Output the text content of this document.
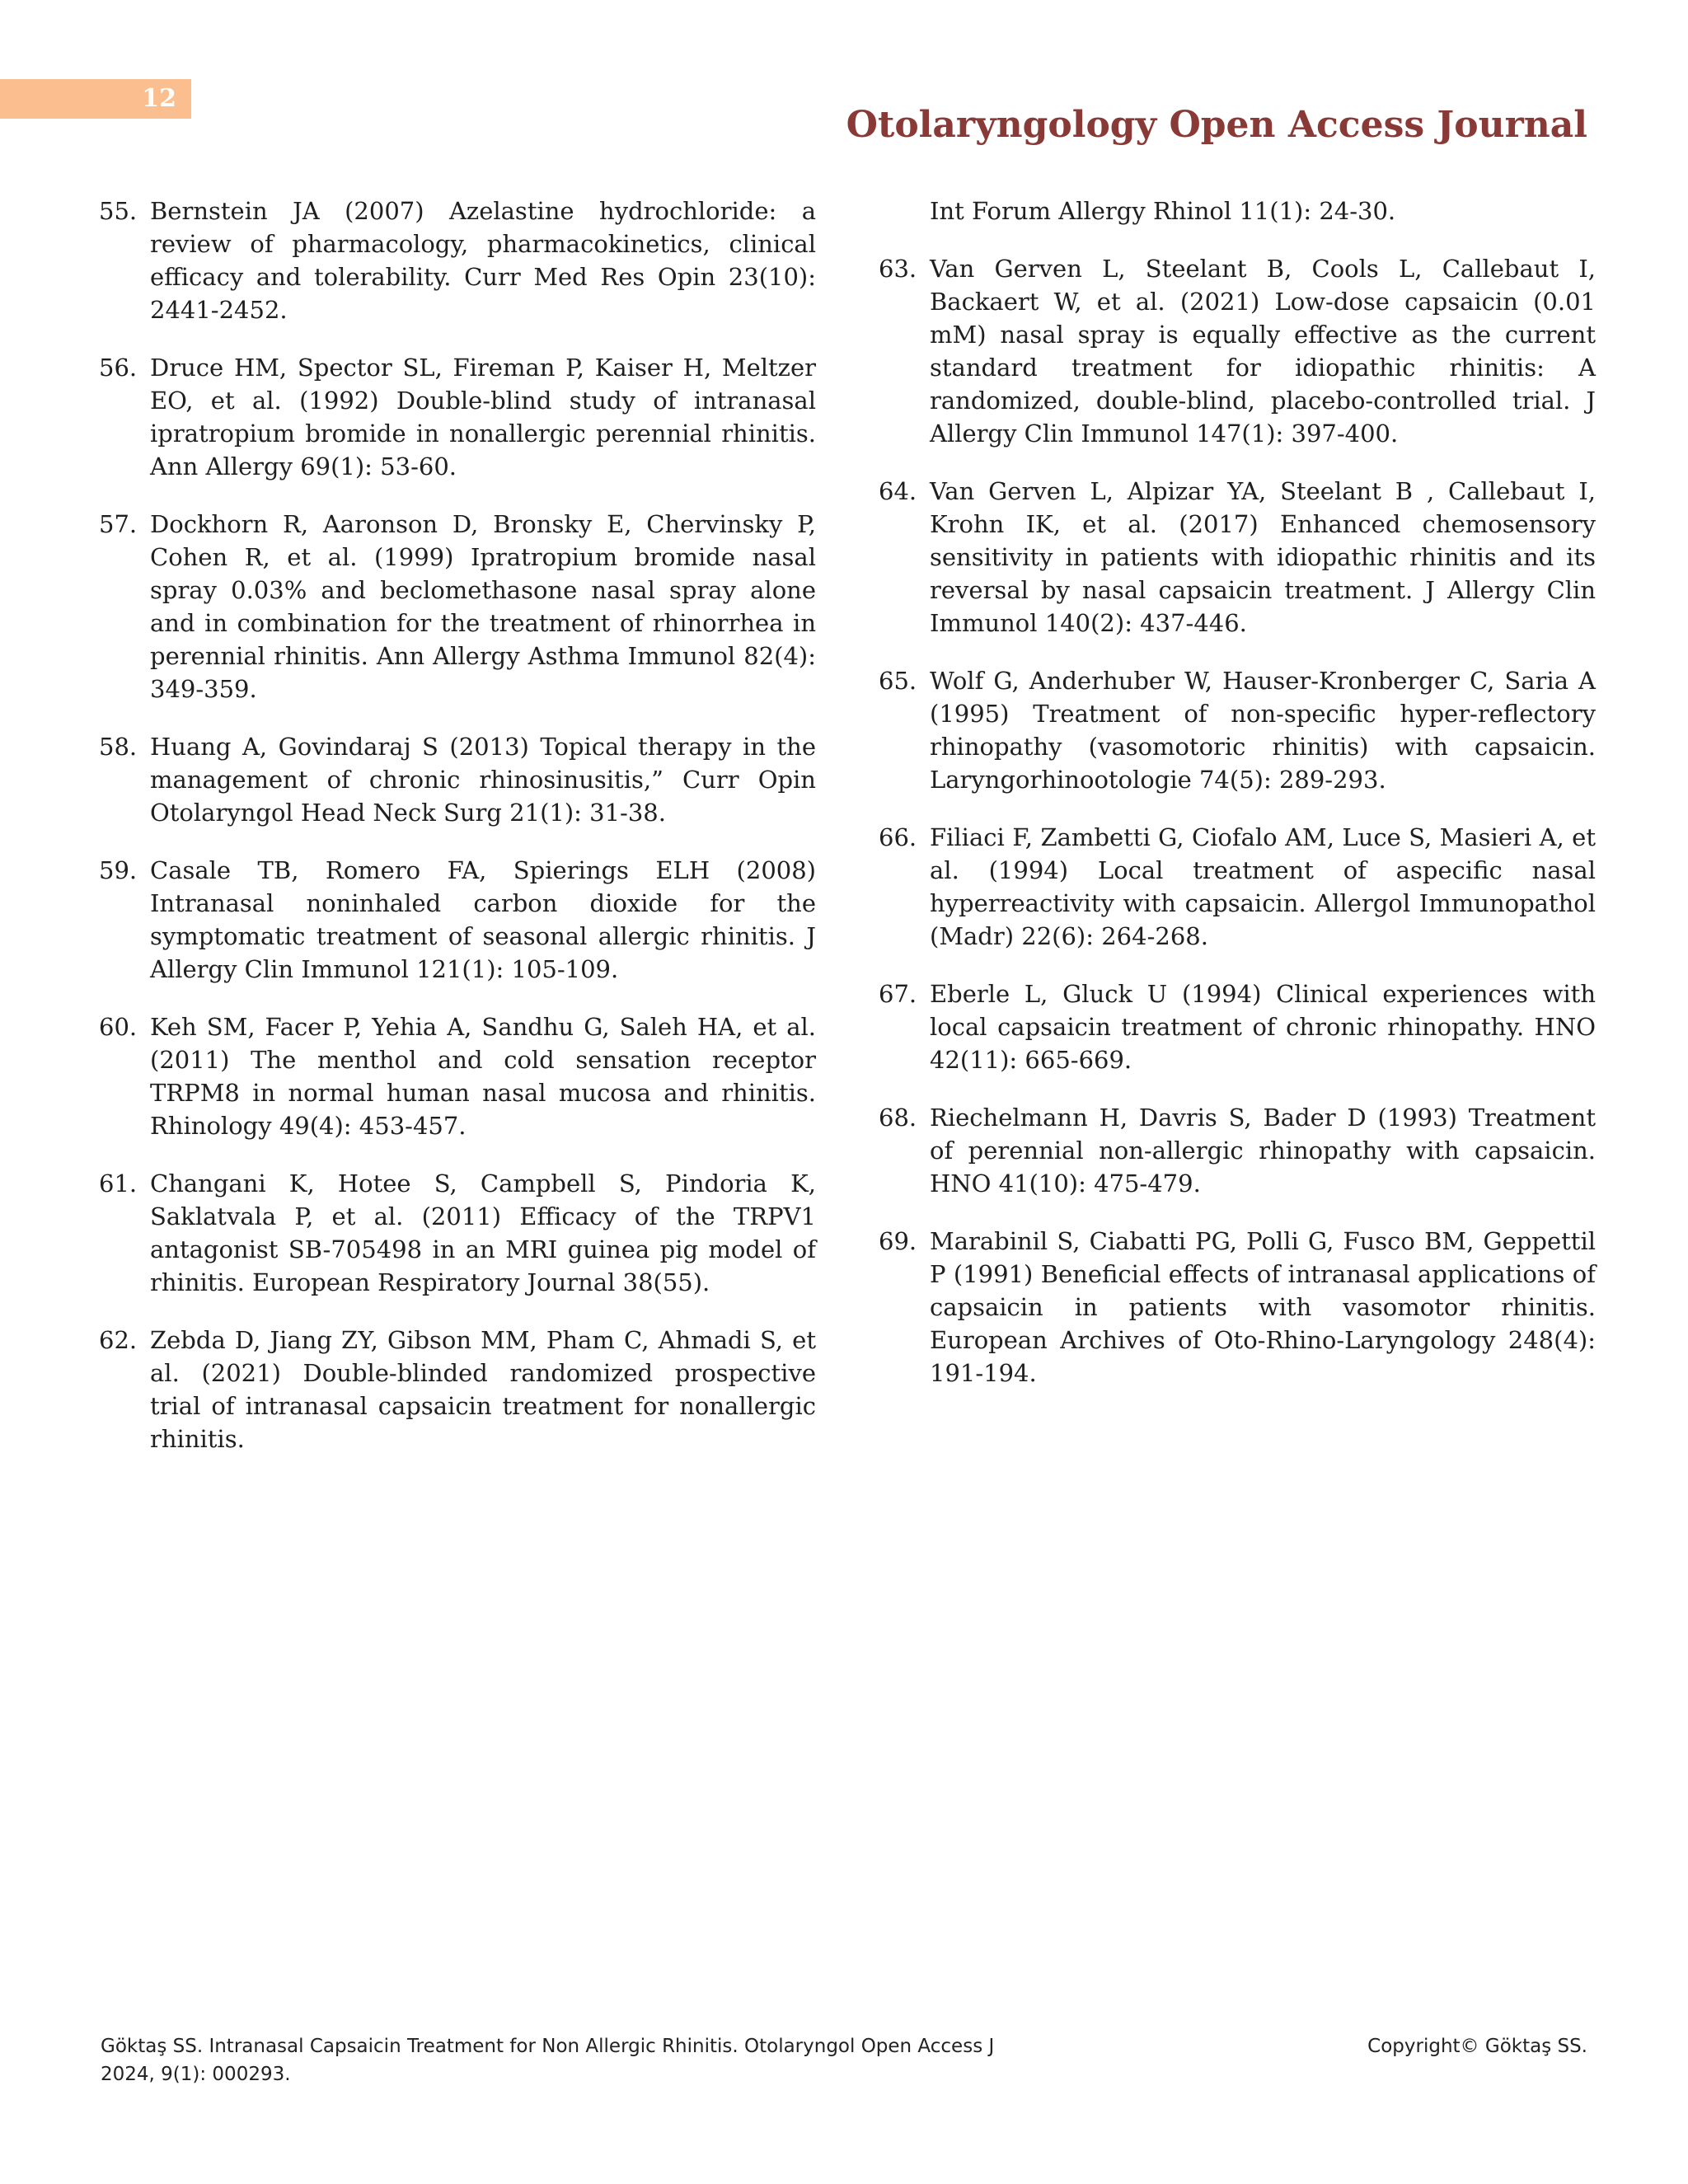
12
Otolaryngology Open Access Journal
55. Bernstein JA (2007) Azelastine hydrochloride: a review of pharmacology, pharmacokinetics, clinical efficacy and tolerability. Curr Med Res Opin 23(10): 2441-2452.
56. Druce HM, Spector SL, Fireman P, Kaiser H, Meltzer EO, et al. (1992) Double-blind study of intranasal ipratropium bromide in nonallergic perennial rhinitis. Ann Allergy 69(1): 53-60.
57. Dockhorn R, Aaronson D, Bronsky E, Chervinsky P, Cohen R, et al. (1999) Ipratropium bromide nasal spray 0.03% and beclomethasone nasal spray alone and in combination for the treatment of rhinorrhea in perennial rhinitis. Ann Allergy Asthma Immunol 82(4): 349-359.
58. Huang A, Govindaraj S (2013) Topical therapy in the management of chronic rhinosinusitis,” Curr Opin Otolaryngol Head Neck Surg 21(1): 31-38.
59. Casale TB, Romero FA, Spierings ELH (2008) Intranasal noninhaled carbon dioxide for the symptomatic treatment of seasonal allergic rhinitis. J Allergy Clin Immunol 121(1): 105-109.
60. Keh SM, Facer P, Yehia A, Sandhu G, Saleh HA, et al. (2011) The menthol and cold sensation receptor TRPM8 in normal human nasal mucosa and rhinitis. Rhinology 49(4): 453-457.
61. Changani K, Hotee S, Campbell S, Pindoria K, Saklatvala P, et al. (2011) Efficacy of the TRPV1 antagonist SB-705498 in an MRI guinea pig model of rhinitis. European Respiratory Journal 38(55).
62. Zebda D, Jiang ZY, Gibson MM, Pham C, Ahmadi S, et al. (2021) Double-blinded randomized prospective trial of intranasal capsaicin treatment for nonallergic rhinitis.

Int Forum Allergy Rhinol 11(1): 24-30.

63. Van Gerven L, Steelant B, Cools L, Callebaut I, Backaert W, et al. (2021) Low-dose capsaicin (0.01 mM) nasal spray is equally effective as the current standard treatment for idiopathic rhinitis: A randomized, double-blind, placebo-controlled trial. J Allergy Clin Immunol 147(1): 397-400.
64. Van Gerven L, Alpizar YA, Steelant B , Callebaut I, Krohn IK, et al. (2017) Enhanced chemosensory sensitivity in patients with idiopathic rhinitis and its reversal by nasal capsaicin treatment. J Allergy Clin Immunol 140(2): 437-446.
65. Wolf G, Anderhuber W, Hauser-Kronberger C, Saria A (1995) Treatment of non-specific hyper-reflectory rhinopathy (vasomotoric rhinitis) with capsaicin. Laryngorhinootologie 74(5): 289-293.
66. Filiaci F, Zambetti G, Ciofalo AM, Luce S, Masieri A, et al. (1994) Local treatment of aspecific nasal hyperreactivity with capsaicin. Allergol Immunopathol (Madr) 22(6): 264-268.
67. Eberle L, Gluck U (1994) Clinical experiences with local capsaicin treatment of chronic rhinopathy. HNO 42(11): 665-669.
68. Riechelmann H, Davris S, Bader D (1993) Treatment of perennial non-allergic rhinopathy with capsaicin. HNO 41(10): 475-479.
69. Marabinil S, Ciabatti PG, Polli G, Fusco BM, Geppettil P (1991) Beneficial effects of intranasal applications of capsaicin in patients with vasomotor rhinitis. European Archives of Oto-Rhino-Laryngology 248(4): 191-194.
Göktaş SS. Intranasal Capsaicin Treatment for Non Allergic Rhinitis. Otolaryngol Open Access J 2024, 9(1): 000293.
Copyright© Göktaş SS.
